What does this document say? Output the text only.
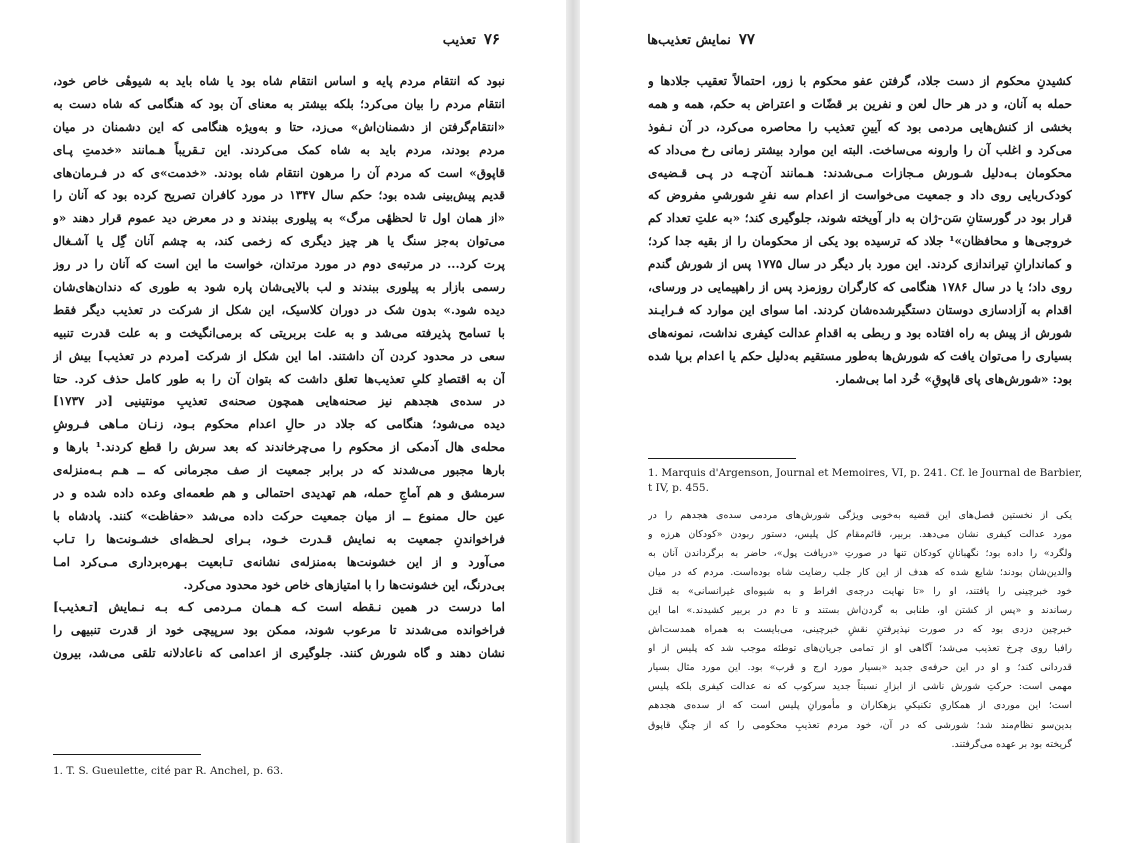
۷۶تعذیب
نبود که انتقام مردم پایه و اساس انتقام شاه بود یا شاه باید به شیوهٔی خاص خود،
انتقام مردم را بیان می‌کرد؛ بلکه بیشتر به معنای آن بود که هنگامی که شاه دست به
«انتقام‌گرفتن از دشمنان‌اش» می‌زد، حتا و به‌ویژه هنگامی که این دشمنان در میان
مردم بودند، مردم باید به شاه کمک می‌کردند. این تـقریباً هـمانند «خدمتِ پـای
قاپوق» است که مردم آن را مرهون انتقام شاه بودند. «خدمت»ی که در فـرمان‌های
قدیم پیش‌بینی شده بود؛ حکم سال ۱۳۴۷ در مورد کافران تصریح کرده بود که آنان را
«از همان اول تا لحظهٔی مرگ» به پیلوری ببندند و در معرض دید عموم قرار دهند «و
می‌توان به‌جز سنگ یا هر چیز دیگری که زخمی کند، به چشم آنان گِل یا آشـغال
پرت کرد... در مرتبه‌ی دوم در مورد مرتدان، خواست ما این است که آنان را در روز
رسمی بازار به پیلوری ببندند و لب بالایی‌شان پاره شود به طوری که دندان‌های‌شان
دیده شود.» بدون شک در دوران کلاسیک، این شکل از شرکت در تعذیب دیگر فقط
با تسامح پذیرفته می‌شد و به علت بربریتی که برمی‌انگیخت و به علت قدرت تنبیه
سعی در محدود کردن آن داشتند. اما این شکل از شرکت [مردم در تعذیب] بیش از
آن به اقتصادِ کلیِ تعذیب‌ها تعلق داشت که بتوان آن را به طور کامل حذف کرد. حتا
در سده‌ی هجدهم نیز صحنه‌هایی همچون صحنه‌ی تعذیبِ مونتینیی [در ۱۷۳۷]
دیده می‌شود؛ هنگامی که جلاد در حالِ اعدام محکوم بـود، زنـان مـاهی فـروشِ
محله‌ی هال آدمکی از محکوم را می‌چرخاندند که بعد سرش را قطع کردند.¹ بارها و
بارها مجبور می‌شدند که در برابر جمعیت از صف مجرمانی که ــ هـم بـه‌منزله‌ی
سرمشق و هم آماجِ حمله، هم تهدیدی احتمالی و هم طعمه‌ای وعده داده شده و در
عین حال ممنوع ــ از میان جمعیت حرکت داده می‌شد «حفاظت» کنند. پادشاه با
فراخواندنِ جمعیت به نمایش قـدرت خـود، بـرای لحـظه‌ای خشـونت‌ها را تـاب
می‌آورد و از این خشونت‌ها به‌منزله‌ی نشانه‌ی تـابعیت بـهره‌برداری مـی‌کرد امـا
بی‌درنگ، این خشونت‌ها را با امتیازهای خاص خود محدود می‌کرد.
اما درست در همین نـقطه است کـه هـمان مـردمی کـه بـه نـمایش [تـعذیب]
فراخوانده می‌شدند تا مرعوب شوند، ممکن بود سرپیچی خود از قدرت تنبیهی را
نشان دهند و گاه شورش کنند. جلوگیری از اعدامی که ناعادلانه تلقی می‌شد، بیرون
1. T. S. Gueulette, cité par R. Anchel, p. 63.
۷۷نمایش تعذیب‌ها
کشیدنِ محکوم از دست جلاد، گرفتن عفو محکوم با زور، احتمالاً تعقیب جلادها و
حمله به آنان، و در هر حال لعن و نفرین بر قضّات و اعتراض به حکم، همه و همه
بخشی از کنش‌هایی مردمی بود که آیینِ تعذیب را محاصره می‌کرد، در آن نـفوذ
می‌کرد و اغلب آن را وارونه می‌ساخت. البته این موارد بیشتر زمانی رخ می‌داد که
محکومان بـه‌دلیل شـورش مـجازات مـی‌شدند: هـمانند آن‌چـه در پـی قـضیه‌ی
کودک‌ربایی روی داد و جمعیت می‌خواست از اعدام سه نفرِ شورشیِ مفروض که
قرار بود در گورستانِ سَن-ژان به دار آویخته شوند، جلوگیری کند؛ «به علتِ تعداد کم
خروجی‌ها و محافظان»¹ جلاد که ترسیده بود یکی از محکومان را از بقیه جدا کرد؛
و کماندارانِ تیراندازی کردند. این مورد بار دیگر در سال ۱۷۷۵ پس از شورش گندم
روی داد؛ یا در سال ۱۷۸۶ هنگامی که کارگران روزمزد پس از راهپیمایی در ورسای،
اقدام به آزادسازی دوستان دستگیرشده‌شان کردند. اما سوای این موارد که فـرایـند
شورش از پیش به راه افتاده بود و ربطی به اقدامِ عدالت کیفری نداشت، نمونه‌های
بسیاری را می‌توان یافت که شورش‌ها به‌طور مستقیم به‌دلیل حکم یا اعدام برپا شده
بود: «شورش‌های پای قاپوقِ» خُرد اما بی‌شمار.
1. Marquis d'Argenson, Journal et Memoires, VI, p. 241. Cf. le Journal de Barbier,
t IV, p. 455.
یکی از نخستین فصل‌های این قضیه به‌خوبی ویژگی شورش‌های مردمی سده‌ی هجدهم را در
مورد عدالت کیفری نشان می‌دهد. بربیر، قائم‌مقام کل پلیس، دستور ربودن «کودکان هرزه و
ولگرد» را داده بود؛ نگهبانانِ کودکان تنها در صورتِ «دریافت پول»، حاضر به برگرداندن آنان به
والدین‌شان بودند؛ شایع شده که هدف از این کار جلب رضایت شاه بوده‌است. مردم که در میان
خود خبرچینی را یافتند، او را «تا نهایت درجه‌ی افراط و به شیوه‌ای غیرانسانی» به قتل
رساندند و «پس از کشتن او، طنابی به گردن‌اش بستند و تا دم در بربیر کشیدند.» اما این
خبرچین دزدی بود که در صورت نپذیرفتنِ نقشِ خبرچینی، می‌بایست به همراه همدست‌اش
رافبا روی چرخ تعذیب می‌شد؛ آگاهی او از تمامی جریان‌های توطئه موجب شد که پلیس از او
قدردانی کند؛ و او در این حرفه‌ی جدید «بسیار مورد ارج و قرب» بود. این مورد مثال بسیار
مهمی است: حرکتِ شورش ناشی از ابزارِ نسبتاً جدید سرکوب که نه عدالت کیفری بلکه پلیس
است؛ این موردی از همکاریِ تکنیکیِ بزهکاران و مأمورانِ پلیس است که از سده‌ی هجدهم
بدین‌سو نظام‌مند شد؛ شورشی که در آن، خود مردم تعذیبِ محکومی را که از چنگِ قاپوق
گریخته بود بر عهده می‌گرفتند.
